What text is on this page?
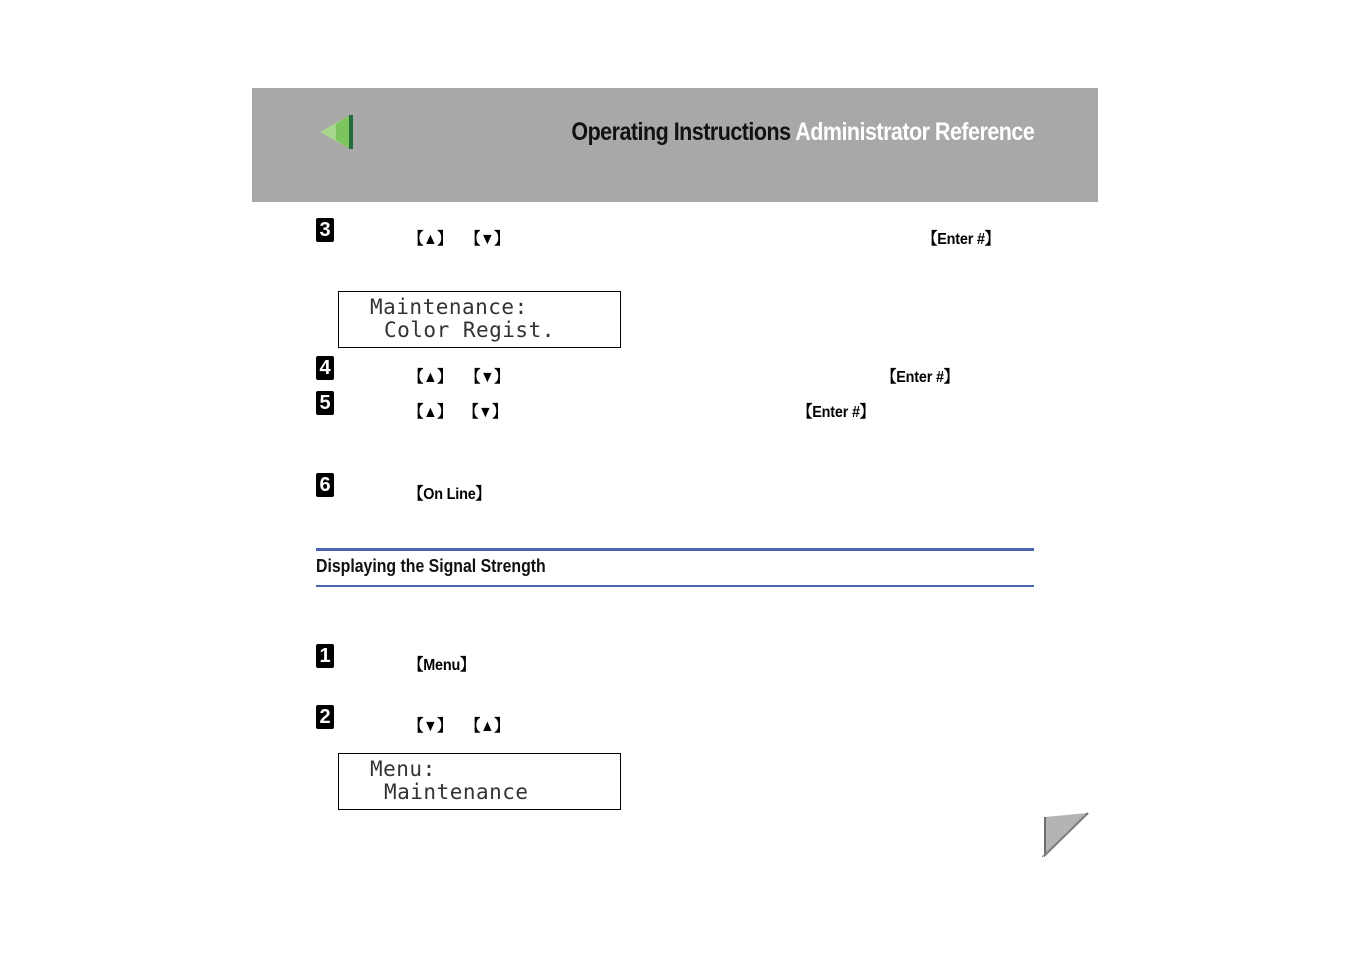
Operating Instructions Administrator Reference
3	【▲】 【▼】	【Enter #】
Maintenance:
Color Regist.
4	【▲】 【▼】	【Enter #】
5	【▲】 【▼】	【Enter #】
6	【On Line】
Displaying the Signal Strength
1	【Menu】
2	【▼】 【▲】
Menu:
Maintenance
